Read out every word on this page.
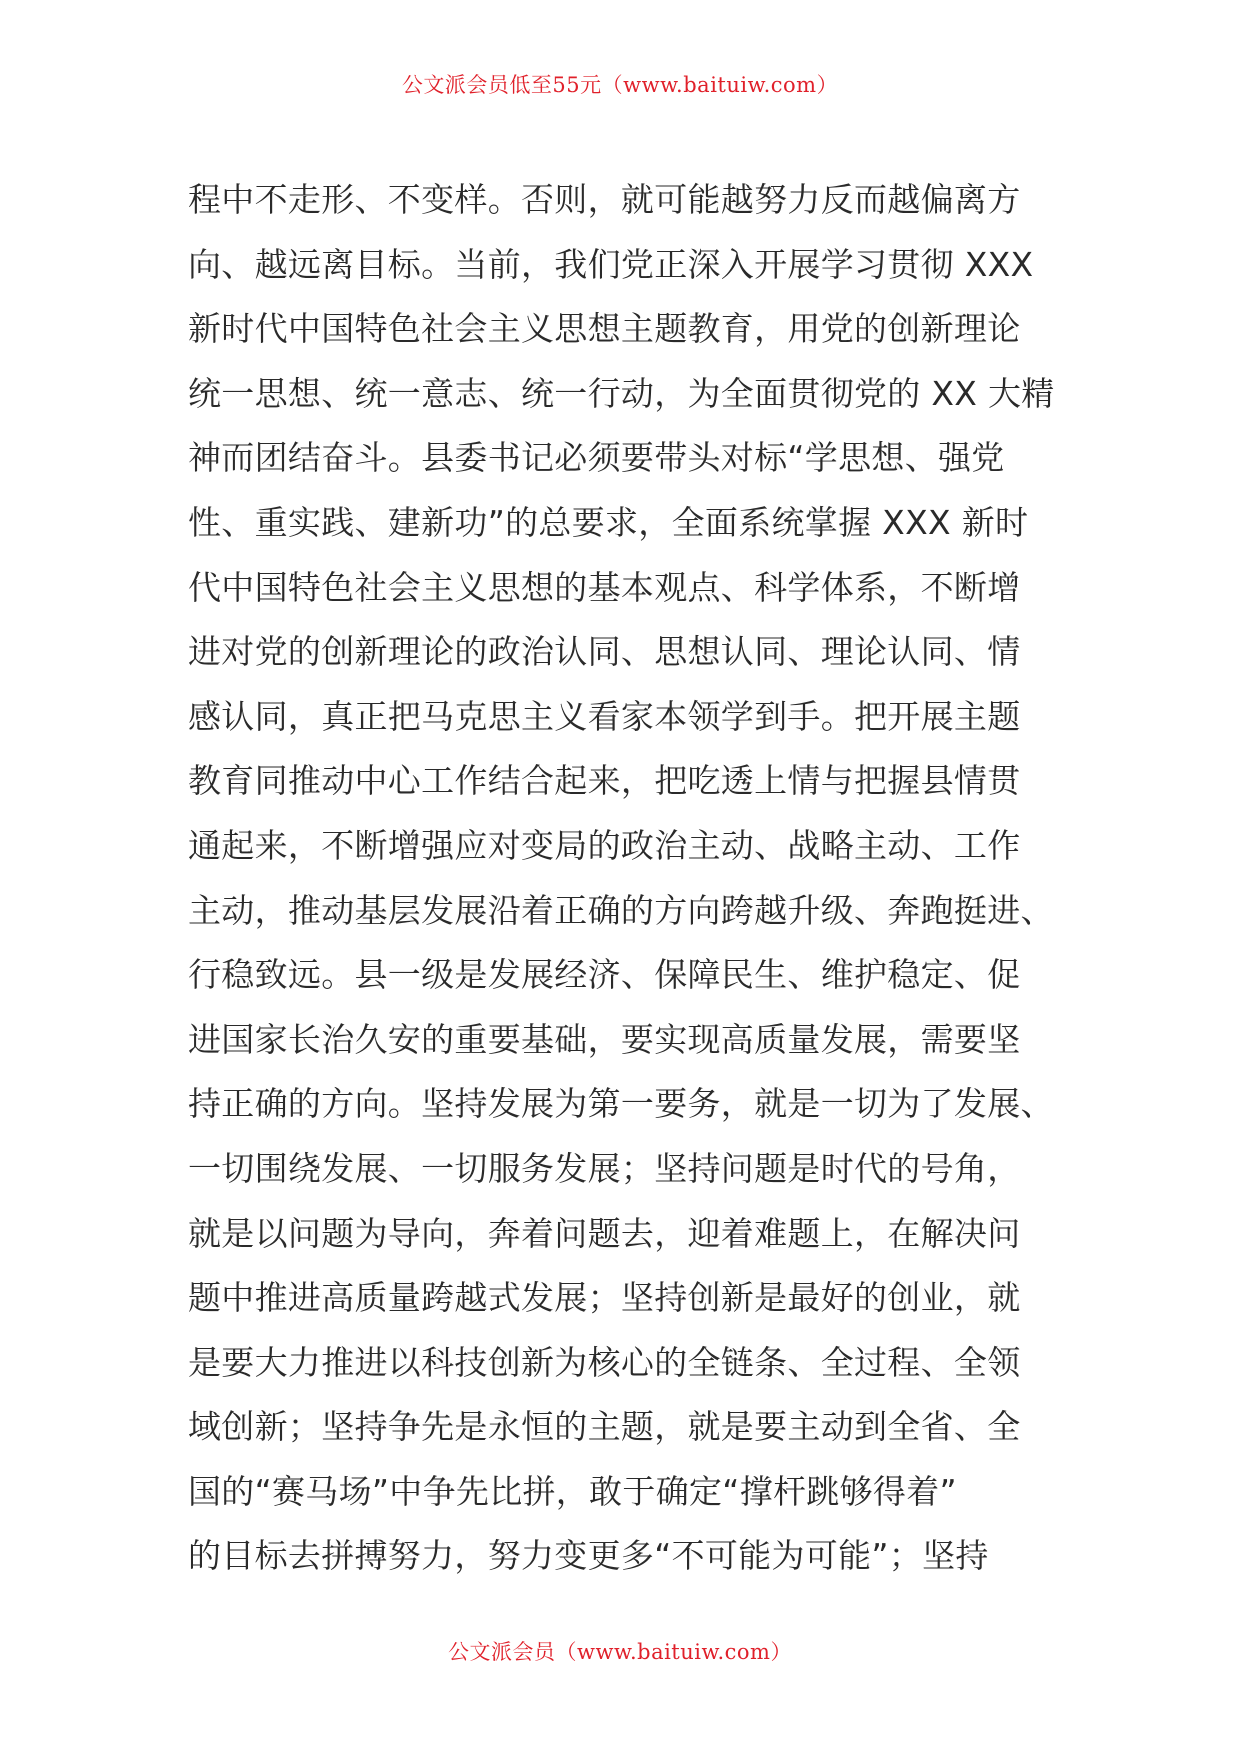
公文派会员低至55元（www.baituiw.com）
程中不走形、不变样。否则，就可能越努力反而越偏离方
向、越远离目标。当前，我们党正深入开展学习贯彻 XXX
新时代中国特色社会主义思想主题教育，用党的创新理论
统一思想、统一意志、统一行动，为全面贯彻党的 XX 大精
神而团结奋斗。县委书记必须要带头对标“学思想、强党
性、重实践、建新功”的总要求，全面系统掌握 XXX 新时
代中国特色社会主义思想的基本观点、科学体系，不断增
进对党的创新理论的政治认同、思想认同、理论认同、情
感认同，真正把马克思主义看家本领学到手。把开展主题
教育同推动中心工作结合起来，把吃透上情与把握县情贯
通起来，不断增强应对变局的政治主动、战略主动、工作
主动，推动基层发展沿着正确的方向跨越升级、奔跑挺进、
行稳致远。县一级是发展经济、保障民生、维护稳定、促
进国家长治久安的重要基础，要实现高质量发展，需要坚
持正确的方向。坚持发展为第一要务，就是一切为了发展、
一切围绕发展、一切服务发展；坚持问题是时代的号角，
就是以问题为导向，奔着问题去，迎着难题上，在解决问
题中推进高质量跨越式发展；坚持创新是最好的创业，就
是要大力推进以科技创新为核心的全链条、全过程、全领
域创新；坚持争先是永恒的主题，就是要主动到全省、全
国的“赛马场”中争先比拼，敢于确定“撑杆跳够得着”
的目标去拼搏努力，努力变更多“不可能为可能”；坚持
公文派会员（www.baituiw.com）
